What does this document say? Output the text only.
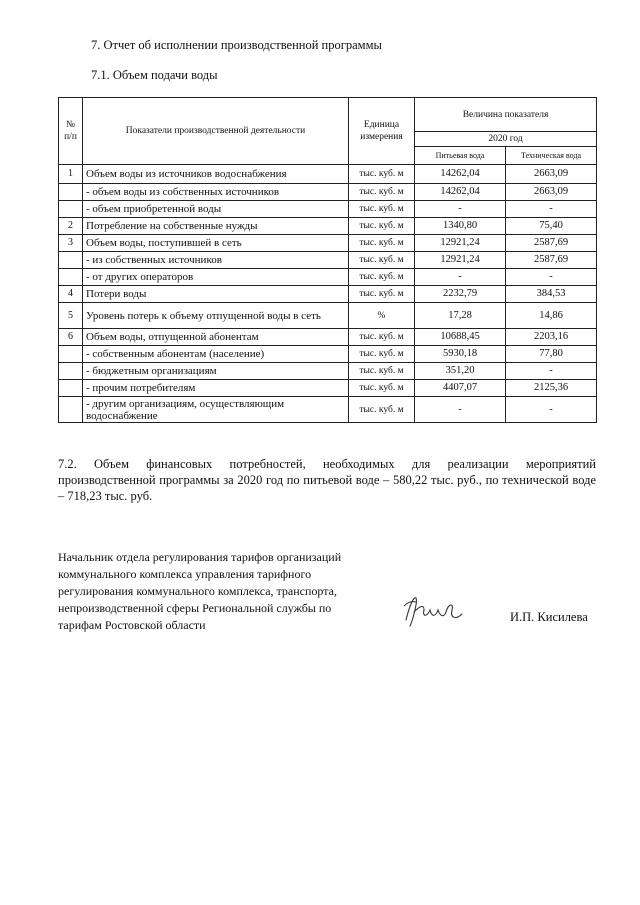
7. Отчет об исполнении производственной программы
7.1. Объем подачи воды
№ п/п	Показатели производственной деятельности	Единица измерения	Величина показателя	
			2020 год	
			Питьевая вода	Техническая вода
1	Объем воды из источников водоснабжения	тыс. куб. м	14262,04	2663,09
	- объем воды из собственных источников	тыс. куб. м	14262,04	2663,09
	- объем приобретенной воды	тыс. куб. м	-	-
2	Потребление на собственные нужды	тыс. куб. м	1340,80	75,40
3	Объем воды, поступившей в сеть	тыс. куб. м	12921,24	2587,69
	- из собственных источников	тыс. куб. м	12921,24	2587,69
	- от других операторов	тыс. куб. м	-	-
4	Потери воды	тыс. куб. м	2232,79	384,53
5	Уровень потерь к объему отпущенной воды в сеть	%	17,28	14,86
6	Объем воды, отпущенной абонентам	тыс. куб. м	10688,45	2203,16
	- собственным абонентам (население)	тыс. куб. м	5930,18	77,80
	- бюджетным организациям	тыс. куб. м	351,20	-
	- прочим потребителям	тыс. куб. м	4407,07	2125,36
	- другим организациям, осуществляющим водоснабжение	тыс. куб. м	-	-
7.2. Объем финансовых потребностей, необходимых для реализации мероприятий производственной программы за 2020 год по питьевой воде – 580,22 тыс. руб., по технической воде – 718,23 тыс. руб.
Начальник отдела регулирования тарифов организаций
коммунального комплекса управления тарифного
регулирования коммунального комплекса, транспорта,
непроизводственной сферы Региональной службы по
тарифам Ростовской области
И.П. Кисилева
